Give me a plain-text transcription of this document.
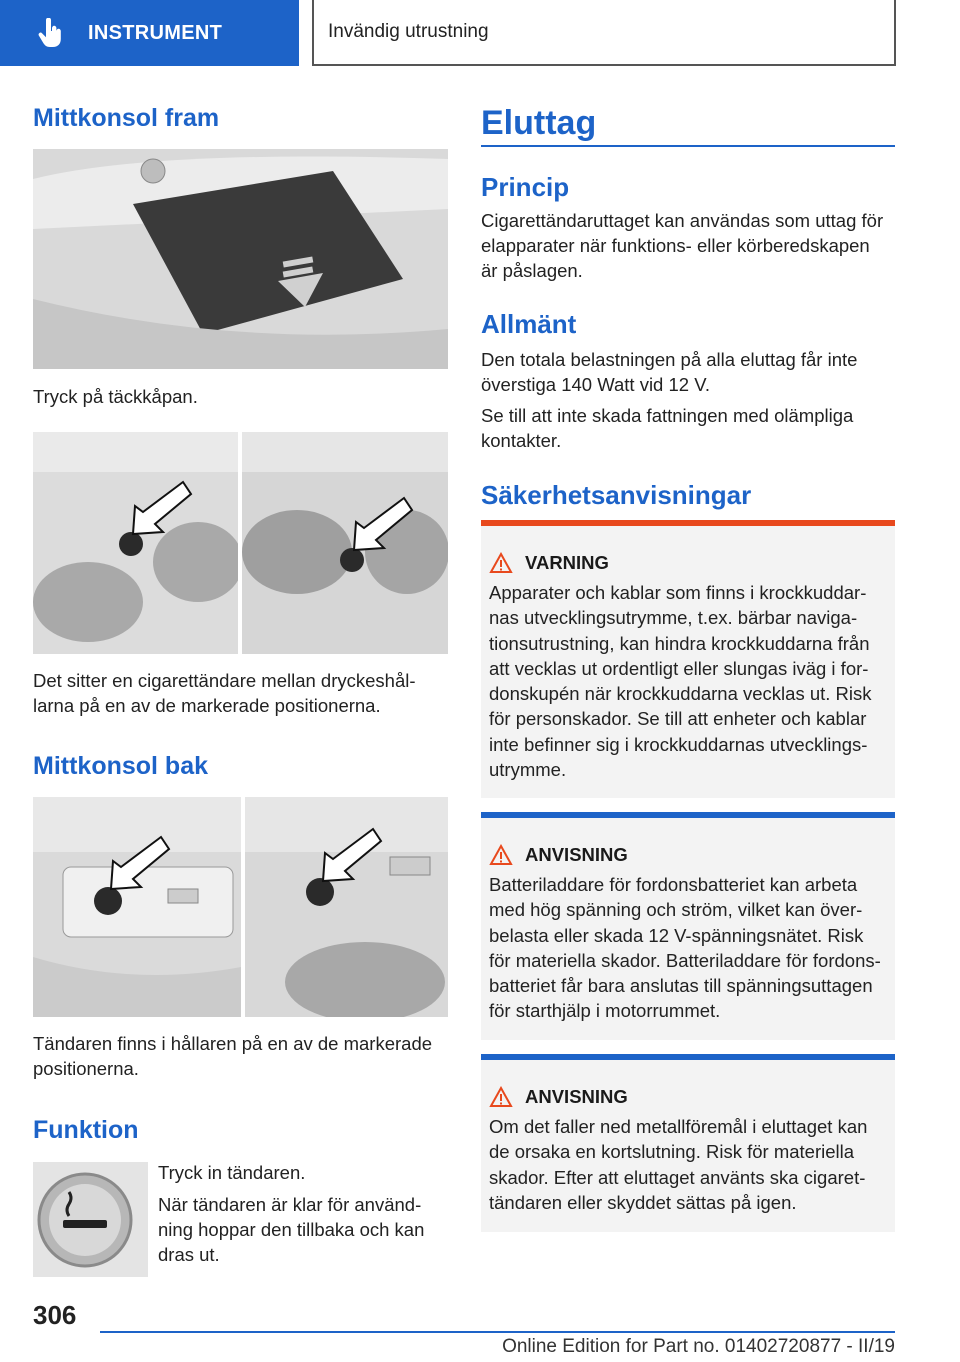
INSTRUMENT	Invändig utrustning
Mittkonsol fram
Tryck på täckkåpan.
Det sitter en cigarettändare mellan dryckeshål‐
larna på en av de markerade positionerna.
Mittkonsol bak
Tändaren finns i hållaren på en av de markerade
positionerna.
Funktion
Tryck in tändaren.
När tändaren är klar för använd‐
ning hoppar den tillbaka och kan
dras ut.
Eluttag
Princip
Cigarettändaruttaget kan användas som uttag för
elapparater när funktions- eller körberedskapen
är påslagen.
Allmänt
Den totala belastningen på alla eluttag får inte
överstiga 140 Watt vid 12 V.
Se till att inte skada fattningen med olämpliga
kontakter.
Säkerhetsanvisningar
VARNING
Apparater och kablar som finns i krockkuddar‐
nas utvecklingsutrymme, t.ex. bärbar naviga‐
tionsutrustning, kan hindra krockkuddarna från
att vecklas ut ordentligt eller slungas iväg i for‐
donskupén när krockkuddarna vecklas ut. Risk
för personskador. Se till att enheter och kablar
inte befinner sig i krockkuddarnas utvecklings‐
utrymme.
ANVISNING
Batteriladdare för fordonsbatteriet kan arbeta
med hög spänning och ström, vilket kan över‐
belasta eller skada 12 V-spänningsnätet. Risk
för materiella skador. Batteriladdare för fordons‐
batteriet får bara anslutas till spänningsuttagen
för starthjälp i motorrummet.
ANVISNING
Om det faller ned metallföremål i eluttaget kan
de orsaka en kortslutning. Risk för materiella
skador. Efter att eluttaget använts ska cigaret‐
tändaren eller skyddet sättas på igen.
306
Online Edition for Part no. 01402720877 - II/19
